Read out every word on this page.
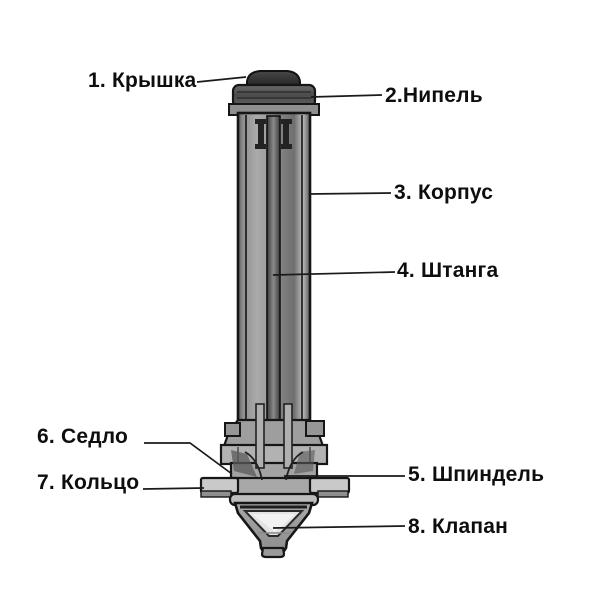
1. Крышка
2.Нипель
3. Корпус
4. Штанга
5. Шпиндель
6. Седло
7. Кольцо
8. Клапан
